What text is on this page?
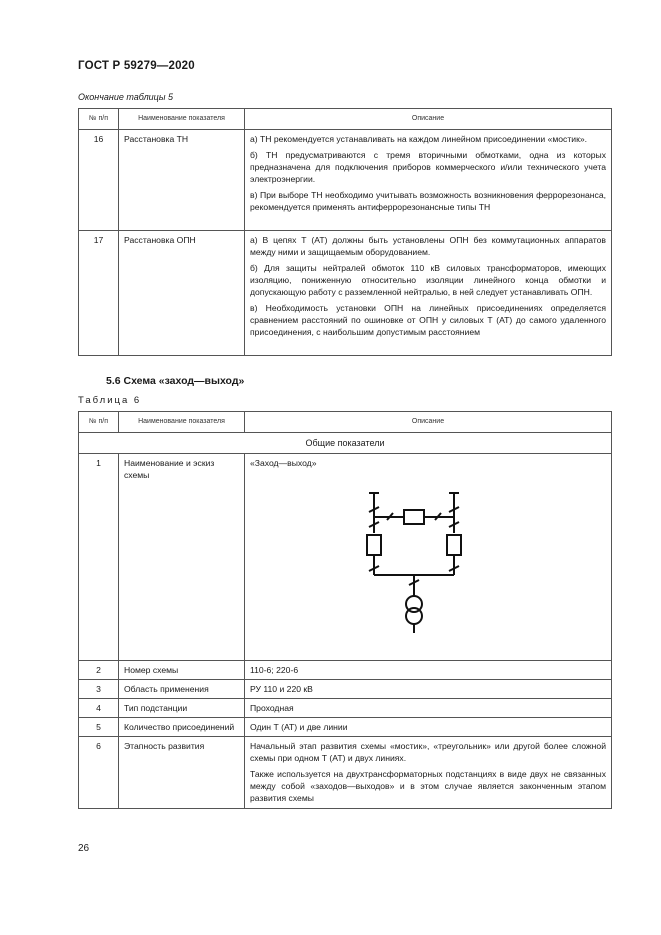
ГОСТ Р 59279—2020
Окончание таблицы 5
№ п/п	Наименование показателя	Описание
16	Расстановка ТН	а) ТН рекомендуется устанавливать на каждом линейном присоединении «мостик».

б) ТН предусматриваются с тремя вторичными обмотками, одна из которых предназначена для подключения приборов коммерческого и/или технического учета электроэнергии.

в) При выборе ТН необходимо учитывать возможность возникновения феррорезонанса, рекомендуется применять антиферрорезонансные типы ТН

17	Расстановка ОПН	а) В цепях Т (АТ) должны быть установлены ОПН без коммутационных аппаратов между ними и защищаемым оборудованием.

б) Для защиты нейтралей обмоток 110 кВ силовых трансформаторов, имеющих изоляцию, пониженную относительно изоляции линейного конца обмотки и допускающую работу с разземленной нейтралью, в ней следует устанавливать ОПН.

в) Необходимость установки ОПН на линейных присоединениях определяется сравнением расстояний по ошиновке от ОПН у силовых Т (АТ) до самого удаленного присоединения, с наибольшим допустимым расстоянием

5.6 Схема «заход—выход»
Таблица 6
№ п/п	Наименование показателя	Описание
Общие показатели		
1	Наименование и эскиз схемы	«Заход—выход»

2	Номер схемы	110-6; 220-6
3	Область применения	РУ 110 и 220 кВ
4	Тип подстанции	Проходная
5	Количество присоединений	Один Т (АТ) и две линии
6	Этапность развития	Начальный этап развития схемы «мостик», «треугольник» или другой более сложной схемы при одном Т (АТ) и двух линиях.

Также используется на двухтрансформаторных подстанциях в виде двух не связанных между собой «заходов—выходов» и в этом случае является законченным этапом развития схемы

26
